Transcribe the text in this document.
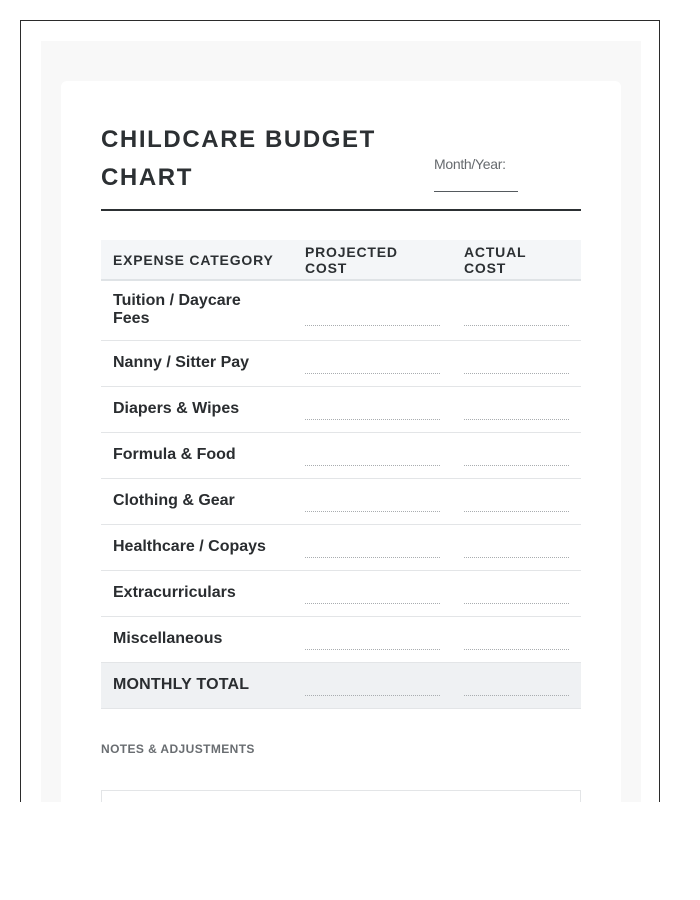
CHILDCARE BUDGET CHART	Month/Year:
EXPENSE CATEGORY	PROJECTED COST	ACTUAL COST
Tuition / Daycare Fees	

Nanny / Sitter Pay	

Diapers & Wipes	

Formula & Food	

Clothing & Gear	

Healthcare / Copays	

Extracurriculars	

Miscellaneous	

MONTHLY TOTAL	

NOTES & ADJUSTMENTS
